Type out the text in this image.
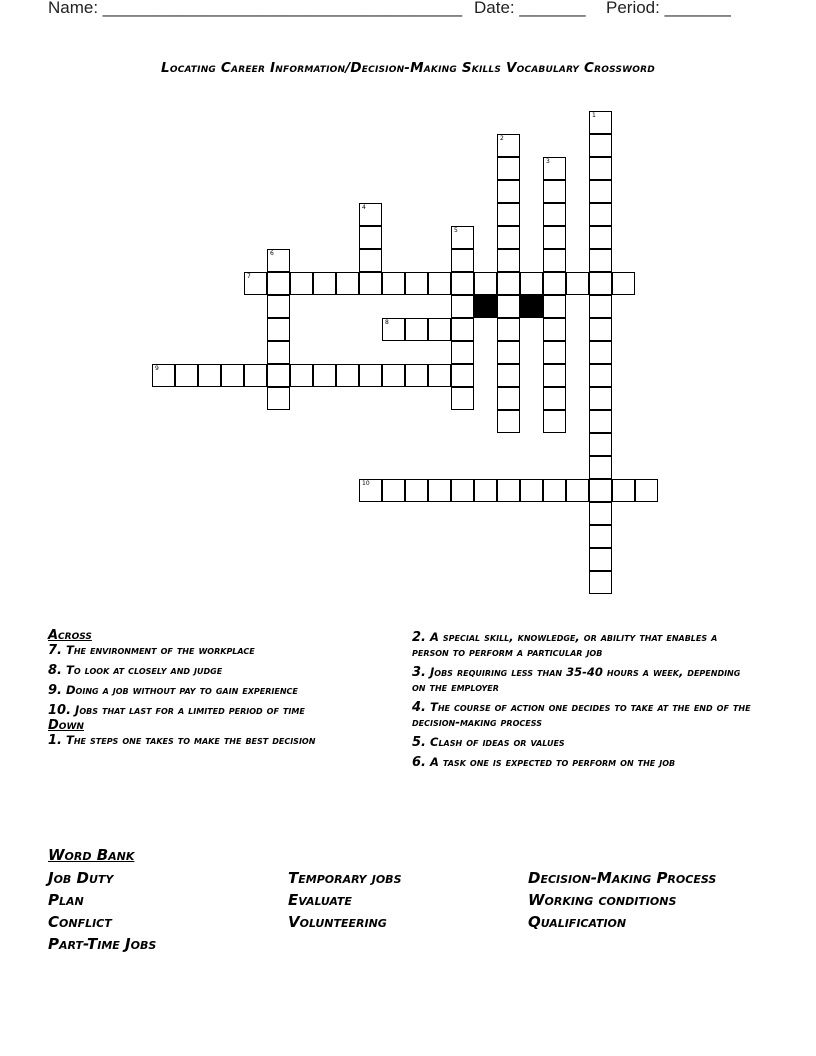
Name: ______________________________________ Date: _______ Period: _______
Locating Career Information/Decision-Making Skills Vocabulary Crossword
1
2
3
4
5
6
7
8
9
10
Across
7. The environment of the workplace
8. To look at closely and judge
9. Doing a job without pay to gain experience
10. Jobs that last for a limited period of time
Down
1. The steps one takes to make the best decision
2. A special skill, knowledge, or ability that enables a person to perform a particular job
3. Jobs requiring less than 35-40 hours a week, depending on the employer
4. The course of action one decides to take at the end of the decision-making process
5. Clash of ideas or values
6. A task one is expected to perform on the job
Word Bank
Job Duty	Temporary jobs	Decision-Making Process
Plan	Evaluate	Working conditions
Conflict	Volunteering	Qualification
Part-Time Jobs
